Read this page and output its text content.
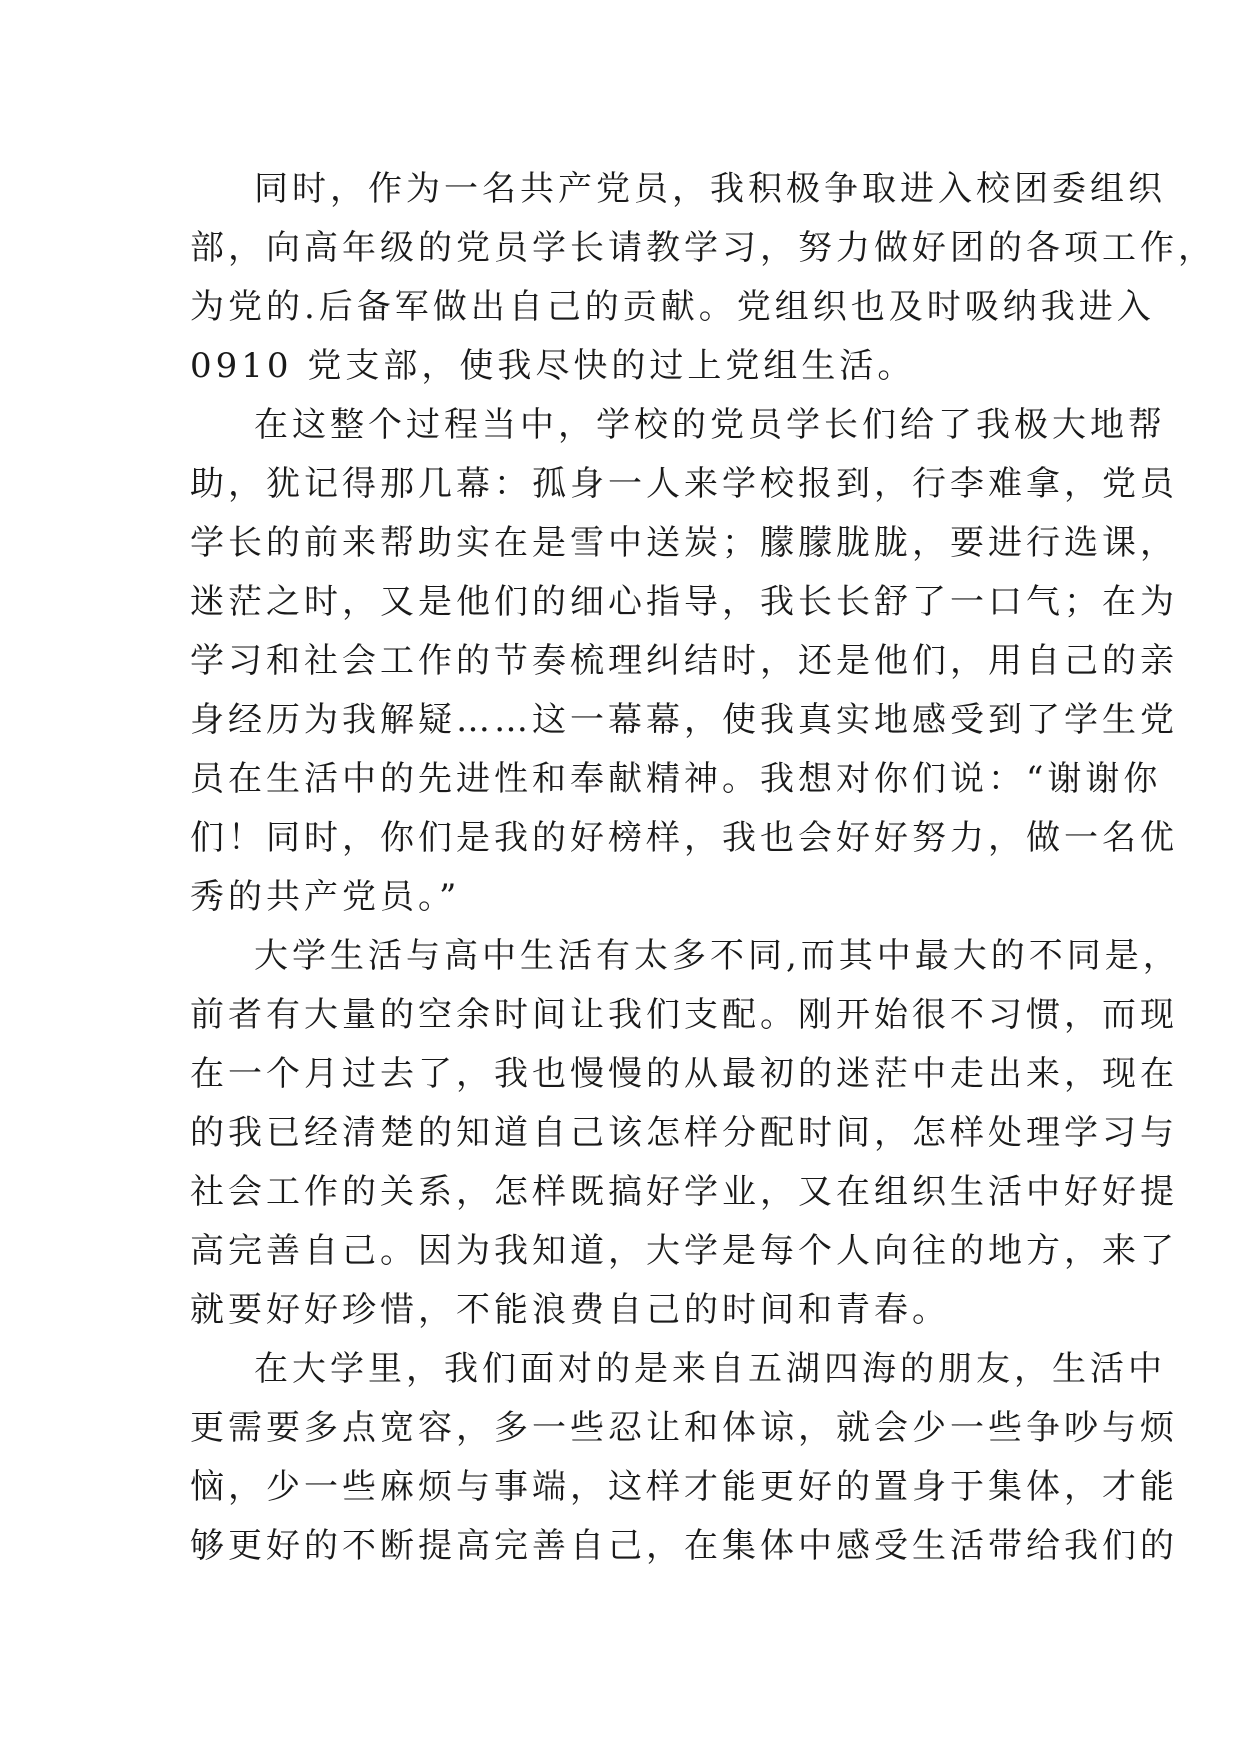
同时，作为一名共产党员，我积极争取进入校团委组织
部，向高年级的党员学长请教学习，努力做好团的各项工作，
为党的.后备军做出自己的贡献。党组织也及时吸纳我进入
0910 党支部，使我尽快的过上党组生活。
在这整个过程当中，学校的党员学长们给了我极大地帮
助，犹记得那几幕：孤身一人来学校报到，行李难拿，党员
学长的前来帮助实在是雪中送炭；朦朦胧胧，要进行选课，
迷茫之时，又是他们的细心指导，我长长舒了一口气；在为
学习和社会工作的节奏梳理纠结时，还是他们，用自己的亲
身经历为我解疑……这一幕幕，使我真实地感受到了学生党
员在生活中的先进性和奉献精神。我想对你们说：“谢谢你
们！同时，你们是我的好榜样，我也会好好努力，做一名优
秀的共产党员。”
大学生活与高中生活有太多不同,而其中最大的不同是，
前者有大量的空余时间让我们支配。刚开始很不习惯，而现
在一个月过去了，我也慢慢的从最初的迷茫中走出来，现在
的我已经清楚的知道自己该怎样分配时间，怎样处理学习与
社会工作的关系，怎样既搞好学业，又在组织生活中好好提
高完善自己。因为我知道，大学是每个人向往的地方，来了
就要好好珍惜，不能浪费自己的时间和青春。
在大学里，我们面对的是来自五湖四海的朋友，生活中
更需要多点宽容，多一些忍让和体谅，就会少一些争吵与烦
恼，少一些麻烦与事端，这样才能更好的置身于集体，才能
够更好的不断提高完善自己，在集体中感受生活带给我们的
